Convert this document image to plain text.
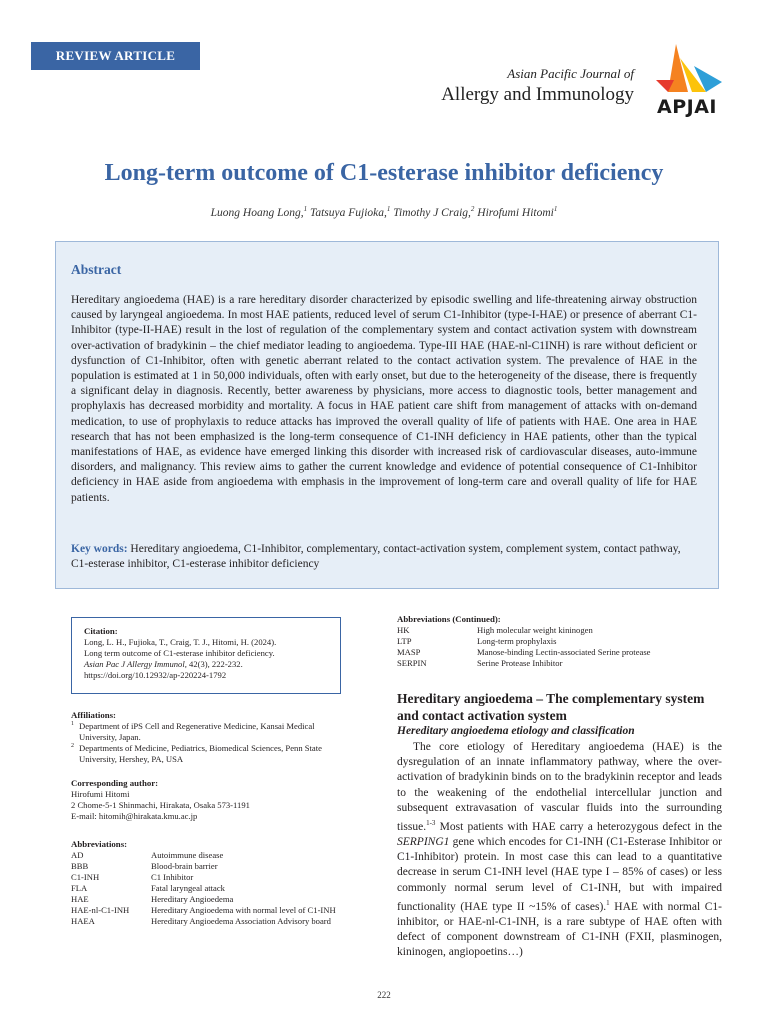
REVIEW ARTICLE
Asian Pacific Journal of
Allergy and Immunology
APJAI
Long-term outcome of C1-esterase inhibitor deficiency
Luong Hoang Long,$^1$ Tatsuya Fujioka,$^1$ Timothy J Craig,$^2$ Hirofumi Hitomi$^1$
Abstract
Hereditary angioedema (HAE) is a rare hereditary disorder characterized by episodic swelling and life-threatening airway obstruction caused by laryngeal angioedema. In most HAE patients, reduced level of serum C1-Inhibitor (type-I-HAE) or presence of aberrant C1-Inhibitor (type-II-HAE) result in the lost of regulation of the complementary system and contact activation system with downstream over-activation of bradykinin – the chief mediator leading to angioedema. Type-III HAE (HAE-nl-C1INH) is rare without deficient or dysfunction of C1-Inhibitor, often with genetic aberrant related to the contact activation system. The prevalence of HAE in the population is estimated at 1 in 50,000 individuals, often with early onset, but due to the heterogeneity of the disease, there is frequently a significant delay in diagnosis. Recently, better awareness by physicians, more access to diagnostic tools, better management and prophylaxis has decreased morbidity and mortality. A focus in HAE patient care shift from management of attacks with on-demand medication, to use of prophylaxis to reduce attacks has improved the overall quality of life of patients with HAE. One area in HAE research that has not been emphasized is the long-term consequence of C1-INH deficiency in HAE patients, other than the typical manifestations of HAE, as evidence have emerged linking this disorder with increased risk of cardiovascular diseases, auto-immune disorders, and malignancy. This review aims to gather the current knowledge and evidence of potential consequence of C1-Inhibitor deficiency in HAE aside from angioedema with emphasis in the improvement of long-term care and overall quality of life for HAE patients.
Key words: Hereditary angioedema, C1-Inhibitor, complementary, contact-activation system, complement system, contact pathway, C1-esterase inhibitor, C1-esterase inhibitor deficiency
Citation:
Long, L. H., Fujioka, T., Craig, T. J., Hitomi, H. (2024).
Long term outcome of C1-esterase inhibitor deficiency.
Asian Pac J Allergy Immunol, 42(3), 222-232.
https://doi.org/10.12932/ap-220224-1792
Affiliations:
1 Department of iPS Cell and Regenerative Medicine, Kansai Medical University, Japan.
2 Departments of Medicine, Pediatrics, Biomedical Sciences, Penn State University, Hershey, PA, USA
Corresponding author:
Hirofumi Hitomi
2 Chome-5-1 Shinmachi, Hirakata, Osaka 573-1191
E-mail: hitomih@hirakata.kmu.ac.jp
Abbreviations:
AD	Autoimmune disease
BBB	Blood-brain barrier
C1-INH	C1 Inhibitor
FLA	Fatal laryngeal attack
HAE	Hereditary Angioedema
HAE-nl-C1-INH	Hereditary Angioedema with normal level of C1-INH
HAEA	Hereditary Angioedema Association Advisory board
Abbreviations (Continued):
HK	High molecular weight kininogen
LTP	Long-term prophylaxis
MASP	Manose-binding Lectin-associated Serine protease
SERPIN	Serine Protease Inhibitor
Hereditary angioedema – The complementary system and contact activation system
Hereditary angioedema etiology and classification

The core etiology of Hereditary angioedema (HAE) is the dysregulation of an innate inflammatory pathway, where the over-activation of bradykinin binds on to the bradykinin receptor and leads to the weakening of the endothelial intercellular junction and subsequent extravasation of vascular fluids into the surrounding tissue.$^{1-3}$ Most patients with HAE carry a heterozygous defect in the SERPING1 gene which encodes for C1-INH (C1-Esterase Inhibitor or C1-Inhibitor) protein. In most case this can lead to a quantitative decrease in serum C1-INH level (HAE type I – 85% of cases) or less commonly normal serum level of C1-INH, but with impaired functionality (HAE type II ~15% of cases).$^1$ HAE with normal C1-inhibitor, or HAE-nl-C1-INH, is a rare subtype of HAE often with defect of component downstream of C1-INH (FXII, plasminogen, kininogen, angiopoetins…)

222
